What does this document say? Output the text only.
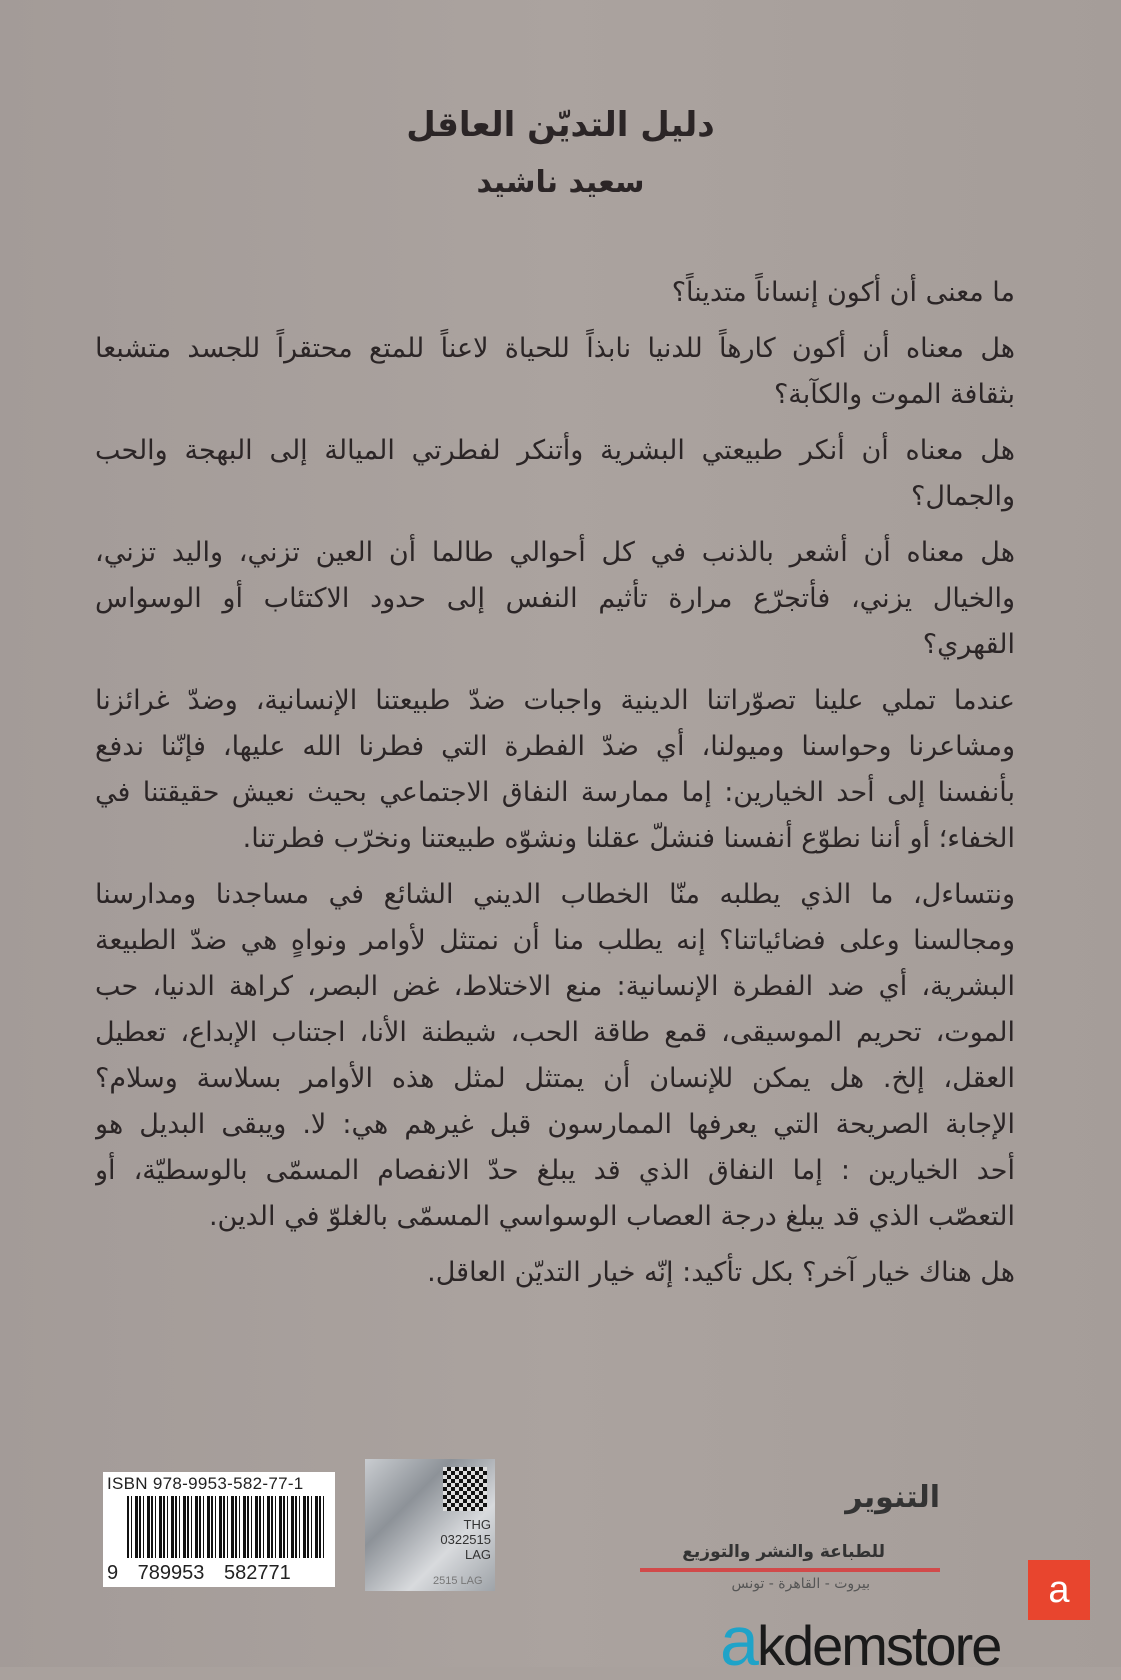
دليل التديّن العاقل
سعيد ناشيد
ما معنى أن أكون إنساناً متديناً؟
هل معناه أن أكون كارهاً للدنيا نابذاً للحياة لاعناً للمتع محتقراً للجسد متشبعا
بثقافة الموت والكآبة؟
هل معناه أن أنكر طبيعتي البشرية وأتنكر لفطرتي الميالة إلى البهجة والحب
والجمال؟
هل معناه أن أشعر بالذنب في كل أحوالي طالما أن العين تزني، واليد تزني،
والخيال يزني، فأتجرّع مرارة تأثيم النفس إلى حدود الاكتئاب أو الوسواس
القهري؟
عندما تملي علينا تصوّراتنا الدينية واجبات ضدّ طبيعتنا الإنسانية، وضدّ غرائزنا
ومشاعرنا وحواسنا وميولنا، أي ضدّ الفطرة التي فطرنا الله عليها، فإنّنا ندفع
بأنفسنا إلى أحد الخيارين: إما ممارسة النفاق الاجتماعي بحيث نعيش حقيقتنا في
الخفاء؛ أو أننا نطوّع أنفسنا فنشلّ عقلنا ونشوّه طبيعتنا ونخرّب فطرتنا.
ونتساءل، ما الذي يطلبه منّا الخطاب الديني الشائع في مساجدنا ومدارسنا
ومجالسنا وعلى فضائياتنا؟ إنه يطلب منا أن نمتثل لأوامر ونواهٍ هي ضدّ الطبيعة
البشرية، أي ضد الفطرة الإنسانية: منع الاختلاط، غض البصر، كراهة الدنيا، حب
الموت، تحريم الموسيقى، قمع طاقة الحب، شيطنة الأنا، اجتناب الإبداع، تعطيل
العقل، إلخ. هل يمكن للإنسان أن يمتثل لمثل هذه الأوامر بسلاسة وسلام؟
الإجابة الصريحة التي يعرفها الممارسون قبل غيرهم هي: لا. ويبقى البديل هو
أحد الخيارين : إما النفاق الذي قد يبلغ حدّ الانفصام المسمّى بالوسطيّة، أو
التعصّب الذي قد يبلغ درجة العصاب الوسواسي المسمّى بالغلوّ في الدين.
هل هناك خيار آخر؟ بكل تأكيد: إنّه خيار التديّن العاقل.
ISBN 978-9953-582-77-1
9 789953 582771
THG 0322515 LAG
2515 LAG
التنوير
للطباعة والنشر والتوزيع
بيروت - القاهرة - تونس	a
akdemstore
